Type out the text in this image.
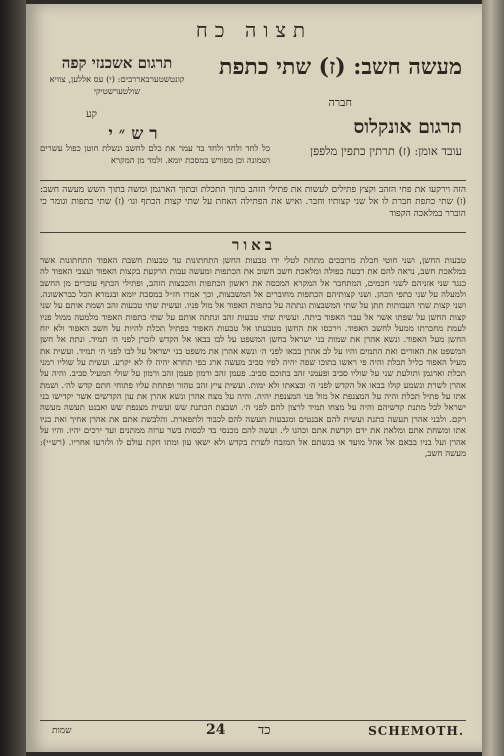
תצוה כח
תרגום אשכנזי קפה
קונטשטערבאררבים: (י) עס אללען, צוויא שולטערשטיקי
קע
מעשה חשב: (ז) שתי כתפת
חברה
תרגום אונקלוס
עובד אומן: (ז) תרתין כתפין מלפפן
רש״י
כל לחד ולחד ולחד בד עמר את כלם לחשב ונשלת חוטן כפול עשרים ושמונה וכן מפורש במסכת יומא. ולמד מן המקרא
הזה וירקעו את פחי הזהב וקצץ פתילים לעשות את פתילי הזהב בתוך התכלת ובתוך הארגמן ומשה בתוך השש מעשה חשב: (ז) שתי כתפת חברת לו אל שני קצותיו וחבר. ואיש את הפתילה האחת על שתי קצות הכתף וגו׳ (ז) שתי כתפות וגומר כי הוברר במלאכה הקפוד
באור
טבעות החשן, ושני חוטי חבלת מרובכים מתחת לטלי ידו טבעות החשן התחתונות עד טבעות חשבת האפוד התחתונות אשר במלאכת חשב, נראה להם את רבעה כפולה ומלאכת חשב חשוב את הכתפות ומעשה עבות הרקעת בקצות האפוד ועצבי האפוד לה כנגד שני אזניהם לשני חכמים, המתחבר אל המקרא המכסה את ראשון הכתפות והכבצות הזהב, ופתילי הכתף עוברים מן החשב ולמעלה על שני כתפי הכהן. ושני קצותיהם הכתפות מחוברים אל המשבצות, וכך אמרו חז״ל במסכת יומא ובגמרא הכל כבראשונה. ושני קצות שתי העבותות תתן על שתי המשבצות ונתתה על כתפות האפוד אל מול פניו. ועשית שתי טבעות זהב ושמת אותם על שני קצות החשן על שפתו אשר אל עבר האפוד ביתה. ועשית שתי טבעות זהב ונתתה אותם על שתי כתפות האפוד מלמטה ממול פניו לעמת מחברתו ממעל לחשב האפוד. וירכסו את החשן מטבעתו אל טבעות האפוד בפתיל תכלת להיות על חשב האפוד ולא יזח החשן מעל האפוד. ונשא אהרן את שמות בני ישראל בחשן המשפט על לבו בבאו אל הקדש לזכרן לפני ה׳ תמיד. ונתת אל חשן המשפט את האורים ואת התמים והיו על לב אהרן בבאו לפני ה׳ ונשא אהרן את משפט בני ישראל על לבו לפני ה׳ תמיד. ועשית את מעיל האפוד כליל תכלת והיה פי ראשו בתוכו שפה יהיה לפיו סביב מעשה ארג כפי תחרא יהיה לו לא יקרע. ועשית על שוליו רמני תכלת וארגמן ותולעת שני על שוליו סביב ופעמני זהב בתוכם סביב. פעמן זהב ורמון פעמן זהב ורמון על שולי המעיל סביב. והיה על אהרן לשרת ונשמע קולו בבאו אל הקדש לפני ה׳ ובצאתו ולא ימות. ועשית ציץ זהב טהור ופתחת עליו פתוחי חתם קדש לה׳. ושמת אתו על פתיל תכלת והיה על המצנפת אל מול פני המצנפת יהיה. והיה על מצח אהרן ונשא אהרן את עון הקדשים אשר יקדישו בני ישראל לכל מתנת קדשיהם והיה על מצחו תמיד לרצון להם לפני ה׳. ושבצת הכתנת שש ועשית מצנפת שש ואבנט תעשה מעשה רקם. ולבני אהרן תעשה כתנת ועשית להם אבנטים ומגבעות תעשה להם לכבוד ולתפארת. והלבשת אתם את אהרן אחיך ואת בניו אתו ומשחת אתם ומלאת את ידם וקדשת אתם וכהנו לי. ועשה להם מכנסי בד לכסות בשר ערוה ממתנים ועד ירכים יהיו. והיו על אהרן ועל בניו בבאם אל אהל מועד או בגשתם אל המזבח לשרת בקדש ולא ישאו עון ומתו חקת עולם לו ולזרעו אחריו. (רש״י): מעשה חשב,
שמות	24	כד	SCHEMOTH.
